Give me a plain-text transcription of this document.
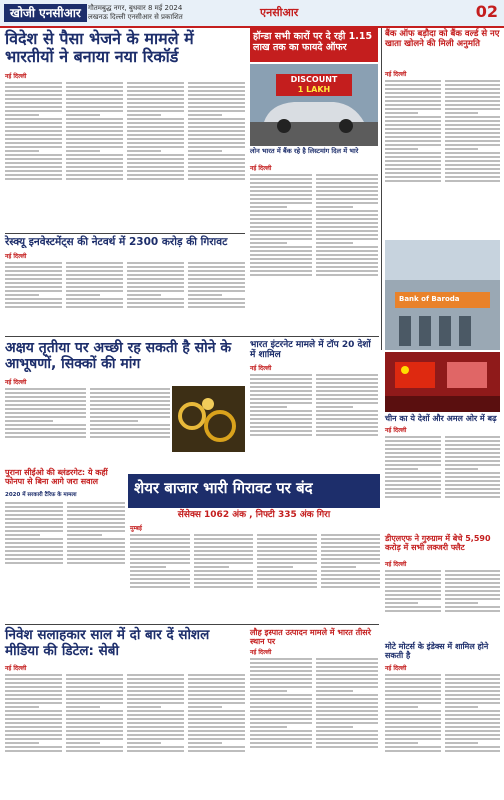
खोजी एनसीआर	गौतमबुद्ध नगर, बुधवार 8 मई 2024
लखनऊ दिल्ली एनसीआर से प्रकाशित	एनसीआर	02
विदेश से पैसा भेजने के मामले में भारतीयों ने बनाया नया रिकॉर्ड
नई दिल्ली
रेस्क्यू इनवेस्टमेंट्स की नेटवर्थ में 2300 करोड़ की गिरावट
नई दिल्ली
हॉन्डा सभी कारों पर दे रही 1.15 लाख तक का फायदे ऑफर
DISCOUNT
1 LAKH
लोन भारत में बैंक रहे है लिस्टमांग दिल में भारे
नई दिल्ली
बैंक ऑफ बड़ौदा को बैंक वर्ल्ड से नए खाता खोलने की मिली अनुमति
नई दिल्ली
Bank of Baroda
अक्षय तृतीया पर अच्छी रह सकती है सोने के आभूषणों, सिक्कों की मांग
नई दिल्ली
पुराना सीईओ की ब्लंडरगेट: ये कहीं फोनपा से बिना आगे जरा सवाल
2020 में सरकारी टैरिफ़ के मामला
भारत इंटरनेट मामले में टॉप 20 देशों में शामिल
नई दिल्ली
चीन का ये देशों और अमल ओर में बढ़
नई दिल्ली
शेयर बाजार भारी गिरावट पर बंद
सेंसेक्स 1062 अंक , निफ्टी 335 अंक गिरा
मुम्बई
डीएलएफ ने गुरुग्राम में बेचे 5,590 करोड़ में सभी लक्जरी फ्लैट
नई दिल्ली
निवेश सलाहकार साल में दो बार दें सोशल मीडिया की डिटेल: सेबी
नई दिल्ली
लौह इस्पात उत्पादन मामले में भारत तीसरे स्थान पर
नई दिल्ली
मोटे मोटर्स के इंडेक्स में शामिल होने सकती है
नई दिल्ली
